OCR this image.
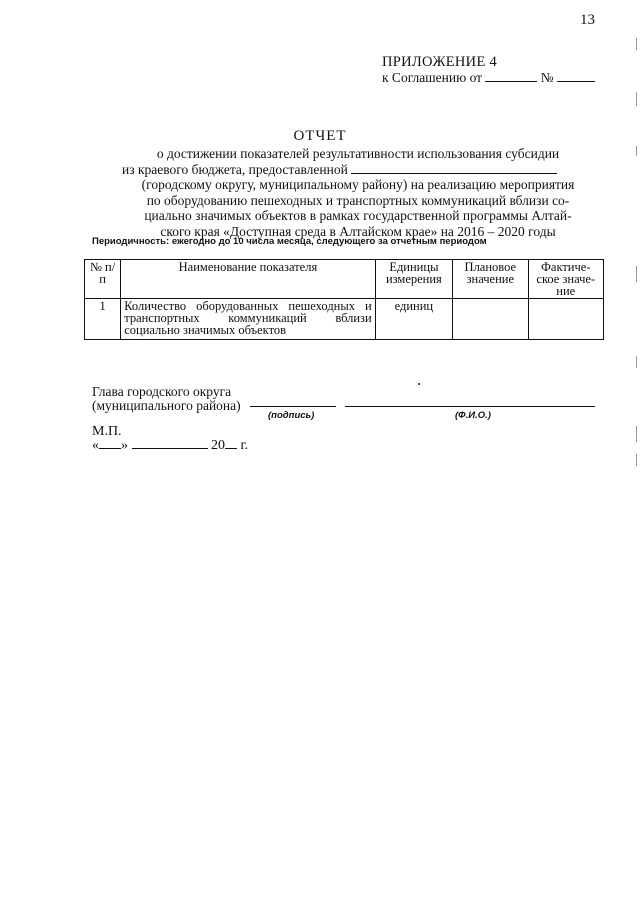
13
ПРИЛОЖЕНИЕ 4
к Соглашению от	№
ОТЧЕТ
о достижении показателей результативности использования субсидии
из краевого бюджета, предоставленной
(городскому округу, муниципальному району) на реализацию мероприятия
по оборудованию пешеходных и транспортных коммуникаций вблизи со-
циально значимых объектов в рамках государственной программы Алтай-
ского края «Доступная среда в Алтайском крае» на 2016 – 2020 годы
Периодичность: ежегодно до 10 числа месяца, следующего за отчетным периодом
№ п/п	Наименование показателя	Единицы измерения	Плановое значение	Фактиче-ское значе-ние
1	Количество оборудованных пешеходных и транспортных коммуникаций вблизи социально значимых объектов	единиц		
Глава городского округа
(муниципального района)
(подпись)	(Ф.И.О.)
М.П.
« »	20 г.
